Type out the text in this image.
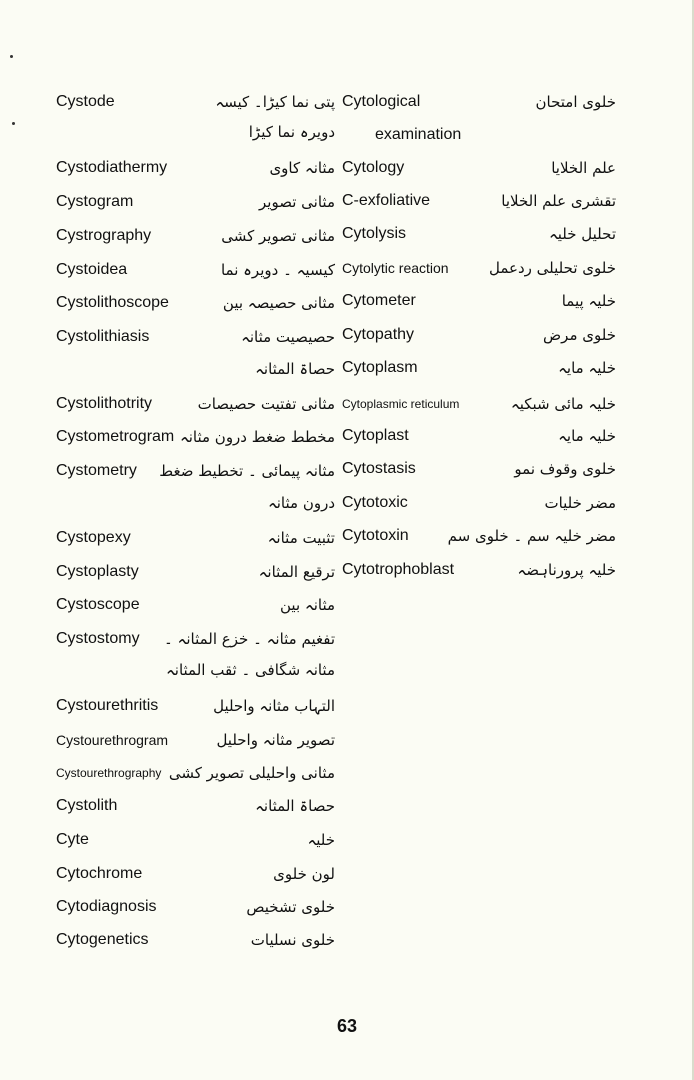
Cystode	پتی نما کیڑا۔ کیسہ
دویرہ نما کیڑا
Cystodiathermy	مثانہ کاوی
Cystogram	مثانی تصویر
Cystrography	مثانی تصویر کشی
Cystoidea	کیسیہ ۔ دویرہ نما
Cystolithoscope	مثانی حصیصہ بین
Cystolithiasis	حصیصیت مثانہ
حصاۃ المثانہ
Cystolithotrity	مثانی تفتیت حصیصات
Cystometrogram مخطط ضغط درون مثانہ
Cystometry مثانہ پیمائی ۔ تخطیط ضغط
درون مثانہ
Cystopexy	تثبیت مثانہ
Cystoplasty	ترقیع المثانہ
Cystoscope	مثانہ بین
Cystostomy تفغیم مثانہ ۔ خزع المثانہ ۔
مثانہ شگافی ۔ ثقب المثانہ
Cystourethritis	التہاب مثانہ واحلیل
Cystourethrogram	تصویر مثانہ واحلیل
Cystourethrography مثانی واحلیلی تصویر کشی
Cystolith	حصاۃ المثانہ
Cyte	خلیہ
Cytochrome	لون خلوی
Cytodiagnosis	خلوی تشخیص
Cytogenetics	خلوی نسلیات
Cytological	خلوی امتحان
examination
Cytology	علم الخلایا
C-exfoliative	تقشری علم الخلایا
Cytolysis	تحلیل خلیہ
Cytolytic reaction	خلوی تحلیلی ردعمل
Cytometer	خلیہ پیما
Cytopathy	خلوی مرض
Cytoplasm	خلیہ مایہ
Cytoplasmic reticulum	خلیہ مائی شبکیہ
Cytoplast	خلیہ مایہ
Cytostasis	خلوی وقوف نمو
Cytotoxic	مضر خلیات
Cytotoxin	مضر خلیہ سم ۔ خلوی سم
Cytotrophoblast	خلیہ پرورناہضہ
63
